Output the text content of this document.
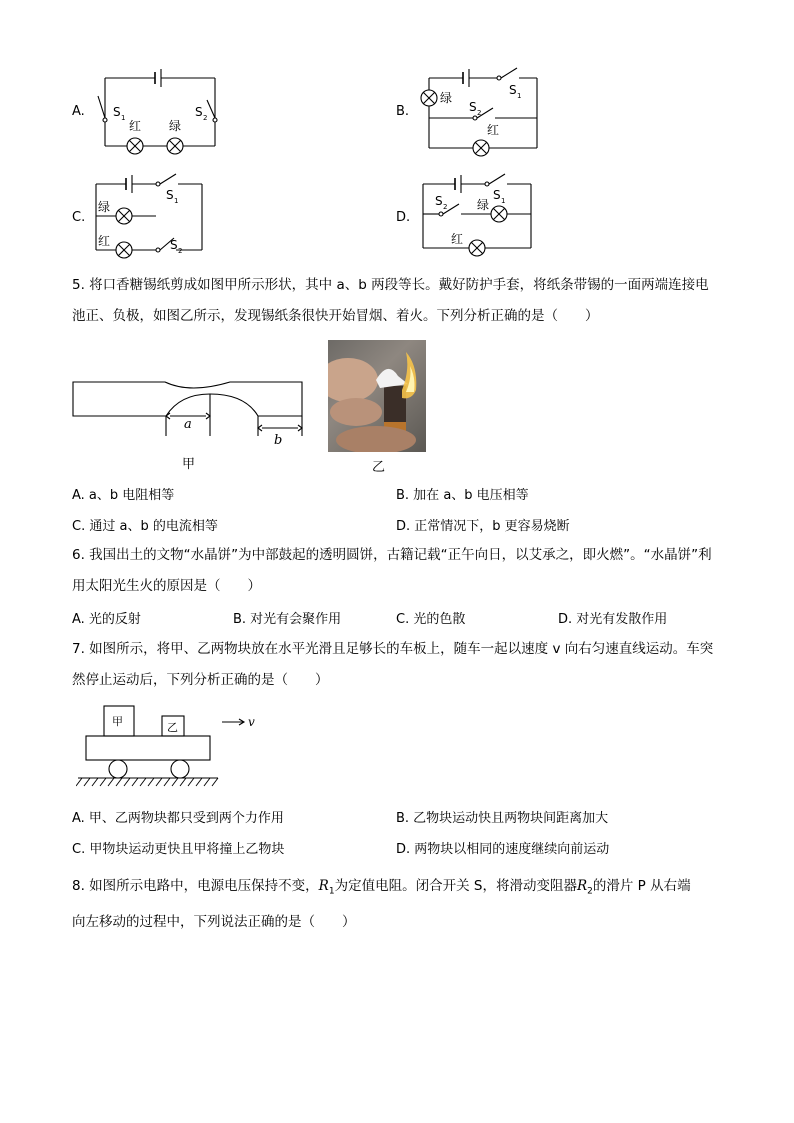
A. S 1	S 2
红 绿
B.
绿
S 1
S 2
红
C.
绿
红
S 1
S 2
D.
S 2 绿
S 1
红
5. 将口香糖锡纸剪成如图甲所示形状，其中 a、b 两段等长。戴好防护手套，将纸条带锡的一面两端连接电池正、负极，如图乙所示，发现锡纸条很快开始冒烟、着火。下列分析正确的是（　　）
a
b
甲	乙
A. a、b 电阻相等	B. 加在 a、b 电压相等
C. 通过 a、b 的电流相等	D. 正常情况下，b 更容易烧断
6. 我国出土的文物“水晶饼”为中部鼓起的透明圆饼，古籍记载“正午向日，以艾承之，即火燃”。“水晶饼”利用太阳光生火的原因是（　　）
A. 光的反射	B. 对光有会聚作用	C. 光的色散	D. 对光有发散作用
7. 如图所示，将甲、乙两物块放在水平光滑且足够长的车板上，随车一起以速度 v 向右匀速直线运动。车突然停止运动后，下列分析正确的是（　　）
甲	乙	v
A. 甲、乙两物块都只受到两个力作用	B. 乙物块运动快且两物块间距离加大
C. 甲物块运动更快且甲将撞上乙物块	D. 两物块以相同的速度继续向前运动
8. 如图所示电路中，电源电压保持不变，$R_1$为定值电阻。闭合开关 S，将滑动变阻器$R_2$的滑片 P 从右端
向左移动的过程中，下列说法正确的是（　　）
